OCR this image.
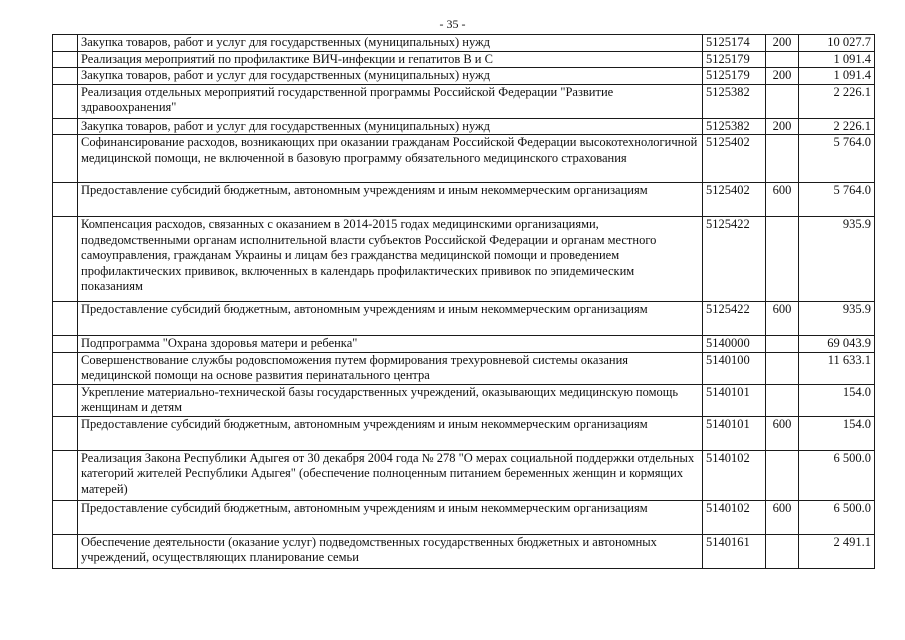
- 35 -
	Закупка товаров, работ и услуг для государственных (муниципальных) нужд	5125174	200	10 027.7
	Реализация мероприятий по профилактике ВИЧ-инфекции и гепатитов В и С	5125179		1 091.4
	Закупка товаров, работ и услуг для государственных (муниципальных) нужд	5125179	200	1 091.4
	Реализация отдельных мероприятий государственной программы Российской Федерации "Развитие здравоохранения"	5125382		2 226.1
	Закупка товаров, работ и услуг для государственных (муниципальных) нужд	5125382	200	2 226.1
	Софинансирование расходов, возникающих при оказании гражданам Российской Федерации высокотехнологичной медицинской помощи, не включенной в базовую программу обязательного медицинского страхования	5125402		5 764.0
	Предоставление субсидий бюджетным, автономным учреждениям и иным некоммерческим организациям	5125402	600	5 764.0
	Компенсация расходов, связанных с оказанием в 2014-2015 годах медицинскими организациями, подведомственными органам исполнительной власти субъектов Российской Федерации и органам местного самоуправления, гражданам Украины и лицам без гражданства медицинской помощи и проведением профилактических прививок, включенных в календарь профилактических прививок по эпидемическим показаниям	5125422		935.9
	Предоставление субсидий бюджетным, автономным учреждениям и иным некоммерческим организациям	5125422	600	935.9
	Подпрограмма "Охрана здоровья матери и ребенка"	5140000		69 043.9
	Совершенствование службы родовспоможения путем формирования трехуровневой системы оказания медицинской помощи на основе развития перинатального центра	5140100		11 633.1
	Укрепление материально-технической базы государственных учреждений, оказывающих медицинскую помощь женщинам и детям	5140101		154.0
	Предоставление субсидий бюджетным, автономным учреждениям и иным некоммерческим организациям	5140101	600	154.0
	Реализация Закона Республики Адыгея от 30 декабря 2004 года № 278 "О мерах социальной поддержки отдельных категорий жителей Республики Адыгея" (обеспечение полноценным питанием беременных женщин и кормящих матерей)	5140102		6 500.0
	Предоставление субсидий бюджетным, автономным учреждениям и иным некоммерческим организациям	5140102	600	6 500.0
	Обеспечение деятельности (оказание услуг) подведомственных государственных бюджетных и автономных учреждений, осуществляющих планирование семьи	5140161		2 491.1
